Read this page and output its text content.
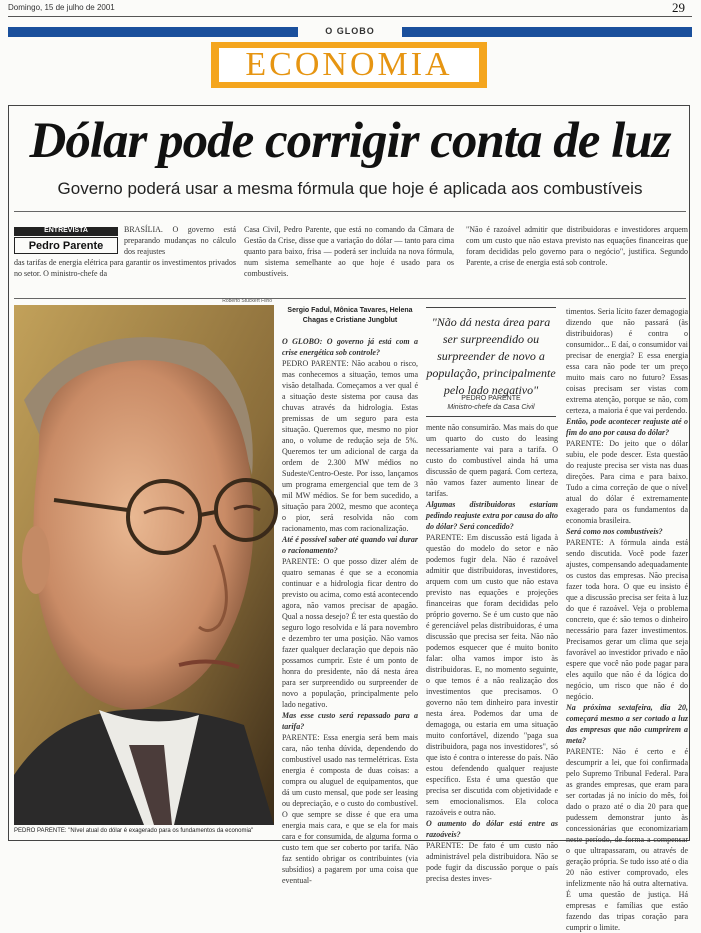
Domingo, 15 de julho de 2001	29
O GLOBO
ECONOMIA
Dólar pode corrigir conta de luz
Governo poderá usar a mesma fórmula que hoje é aplicada aos combustíveis
ENTREVISTA
Pedro Parente
BRASÍLIA. O governo está preparando mudanças no cálculo dos reajustes
das tarifas de energia elétrica para garantir os investimentos privados no setor. O ministro-chefe da
Casa Civil, Pedro Parente, que está no comando da Câmara de Gestão da Crise, disse que a variação do dólar — tanto para cima quanto para baixo, frisa — poderá ser incluída na nova fórmula, num sistema semelhante ao que hoje é usado para os combustíveis.
"Não é razoável admitir que distribuidoras e investidores arquem com um custo que não estava previsto nas equações financeiras que foram decididas pelo governo para o negócio", justifica. Segundo Parente, a crise de energia está sob controle.
Roberto Stuckert Filho
PEDRO PARENTE: "Nível atual do dólar é exagerado para os fundamentos da economia"
Sergio Fadul, Mônica Tavares, Helena Chagas e Cristiane Jungblut

O GLOBO: O governo já está com a crise energética sob controle?

PEDRO PARENTE: Não acabou o risco, mas conhecemos a situação, temos uma visão detalhada. Começamos a ver qual é a situação deste sistema por causa das chuvas através da hidrologia. Estas premissas de um seguro para esta situação. Queremos que, mesmo no pior ano, o volume de redução seja de 5%. Queremos ter um adicional de carga da ordem de 2.300 MW médios no Sudeste/Centro-Oeste. Por isso, lançamos um programa emergencial que tem de 3 mil MW médios. Se for bem sucedido, a situação para 2002, mesmo que aconteça o pior, será resolvida não com racionamento, mas com racionalização.

Até é possível saber até quando vai durar o racionamento?

PARENTE: O que posso dizer além de quatro semanas é que se a economia continuar e a hidrologia ficar dentro do previsto ou acima, como está acontecendo agora, não vamos precisar de apagão. Qual a nossa desejo? É ter esta questão do seguro logo resolvida e lá para novembro e dezembro ter uma posição. Não vamos fazer qualquer declaração que depois não possamos cumprir. Este é um ponto de honra do presidente, não dá nesta área para ser surpreendido ou surpreender de novo a população, principalmente pelo lado negativo.

Mas esse custo será repassado para a tarifa?

PARENTE: Essa energia será bem mais cara, não tenha dúvida, dependendo do combustível usado nas termelétricas. Esta energia é composta de duas coisas: a compra ou aluguel de equipamentos, que dá um custo mensal, que pode ser leasing ou depreciação, e o custo do combustível. O que sempre se disse é que era uma energia mais cara, e que se ela for mais cara e for consumida, de alguma forma o custo tem que ser coberto por tarifa. Não faz sentido obrigar os contribuintes (via subsídios) a pagarem por uma coisa que eventual-

"Não dá nesta área para ser surpreendido ou surpreender de novo a população, principalmente pelo lado negativo"
PEDRO PARENTE
Ministro-chefe da Casa Civil

mente não consumirão. Mas mais do que um quarto do custo do leasing necessariamente vai para a tarifa. O custo do combustível ainda há uma discussão de quem pagará. Com certeza, não vamos fazer aumento linear de tarifas.

Algumas distribuidoras estariam pedindo reajuste extra por causa do alto do dólar? Será concedido?

PARENTE: Em discussão está ligada à questão do modelo do setor e não podemos fugir dela. Não é razoável admitir que distribuidoras, investidores, arquem com um custo que não estava previsto nas equações e projeções financeiras que foram decididas pelo próprio governo. Se é um custo que não é gerenciável pelas distribuidoras, é uma discussão que precisa ser feita. Não não podemos esquecer que é muito bonito falar: olha vamos impor isto às distribuidoras. E, no momento seguinte, o que temos é a não realização dos investimentos que precisamos. O governo não tem dinheiro para investir nesta área. Podemos dar uma de demagoga, ou estaria em uma situação muito confortável, dizendo "paga sua distribuidora, paga nos investidores", só que isto é contra o interesse do país. Não estou defendendo qualquer reajuste específico. Esta é uma questão que precisa ser discutida com objetividade e sem emocionalismos. Ela coloca razoáveis e outra não.

O aumento do dólar está entre as razoáveis?

PARENTE: De fato é um custo não administrável pela distribuidora. Não se pode fugir da discussão porque o país precisa destes inves-

timentos. Seria lícito fazer demagogia dizendo que não passará (às distribuidoras) é contra o consumidor... E daí, o consumidor vai precisar de energia? E essa energia essa cara não pode ter um preço muito mais caro no futuro? Essas coisas precisam ser vistas com extrema atenção, porque se não, com certeza, a maioria é que vai perdendo.

Então, pode acontecer reajuste até o fim do ano por causa do dólar?

PARENTE: Do jeito que o dólar subiu, ele pode descer. Esta questão do reajuste precisa ser vista nas duas direções. Para cima e para baixo. Tudo a cima correção de que o nível atual do dólar é extremamente exagerado para os fundamentos da economia brasileira.

Será como nos combustíveis?

PARENTE: A fórmula ainda está sendo discutida. Você pode fazer ajustes, compensando adequadamente os custos das empresas. Não precisa fazer toda hora. O que eu insisto é que a discussão precisa ser feita à luz do que é razoável. Veja o problema concreto, que é: são temos o dinheiro necessário para fazer investimentos. Precisamos gerar um clima que seja favorável ao investidor privado e não espere que você não pode pagar para eles aquilo que não é da lógica do negócio, um risco que não é do negócio.

Na próxima sextafeira, dia 20, começará mesmo a ser cortado a luz das empresas que não cumprirem a meta?

PARENTE: Não é certo e é descumprir a lei, que foi confirmada pelo Supremo Tribunal Federal. Para as grandes empresas, que eram para ser cortadas já no início do mês, foi dado o prazo até o dia 20 para que pudessem demonstrar junto às concessionárias que economizariam neste período, de forma a compensar o que ultrapassaram, ou através de geração própria. Se tudo isso até o dia 20 não estiver comprovado, eles infelizmente não há outra alternativa. É uma questão de justiça. Há empresas e famílias que estão fazendo das tripas coração para cumprir o limite.
